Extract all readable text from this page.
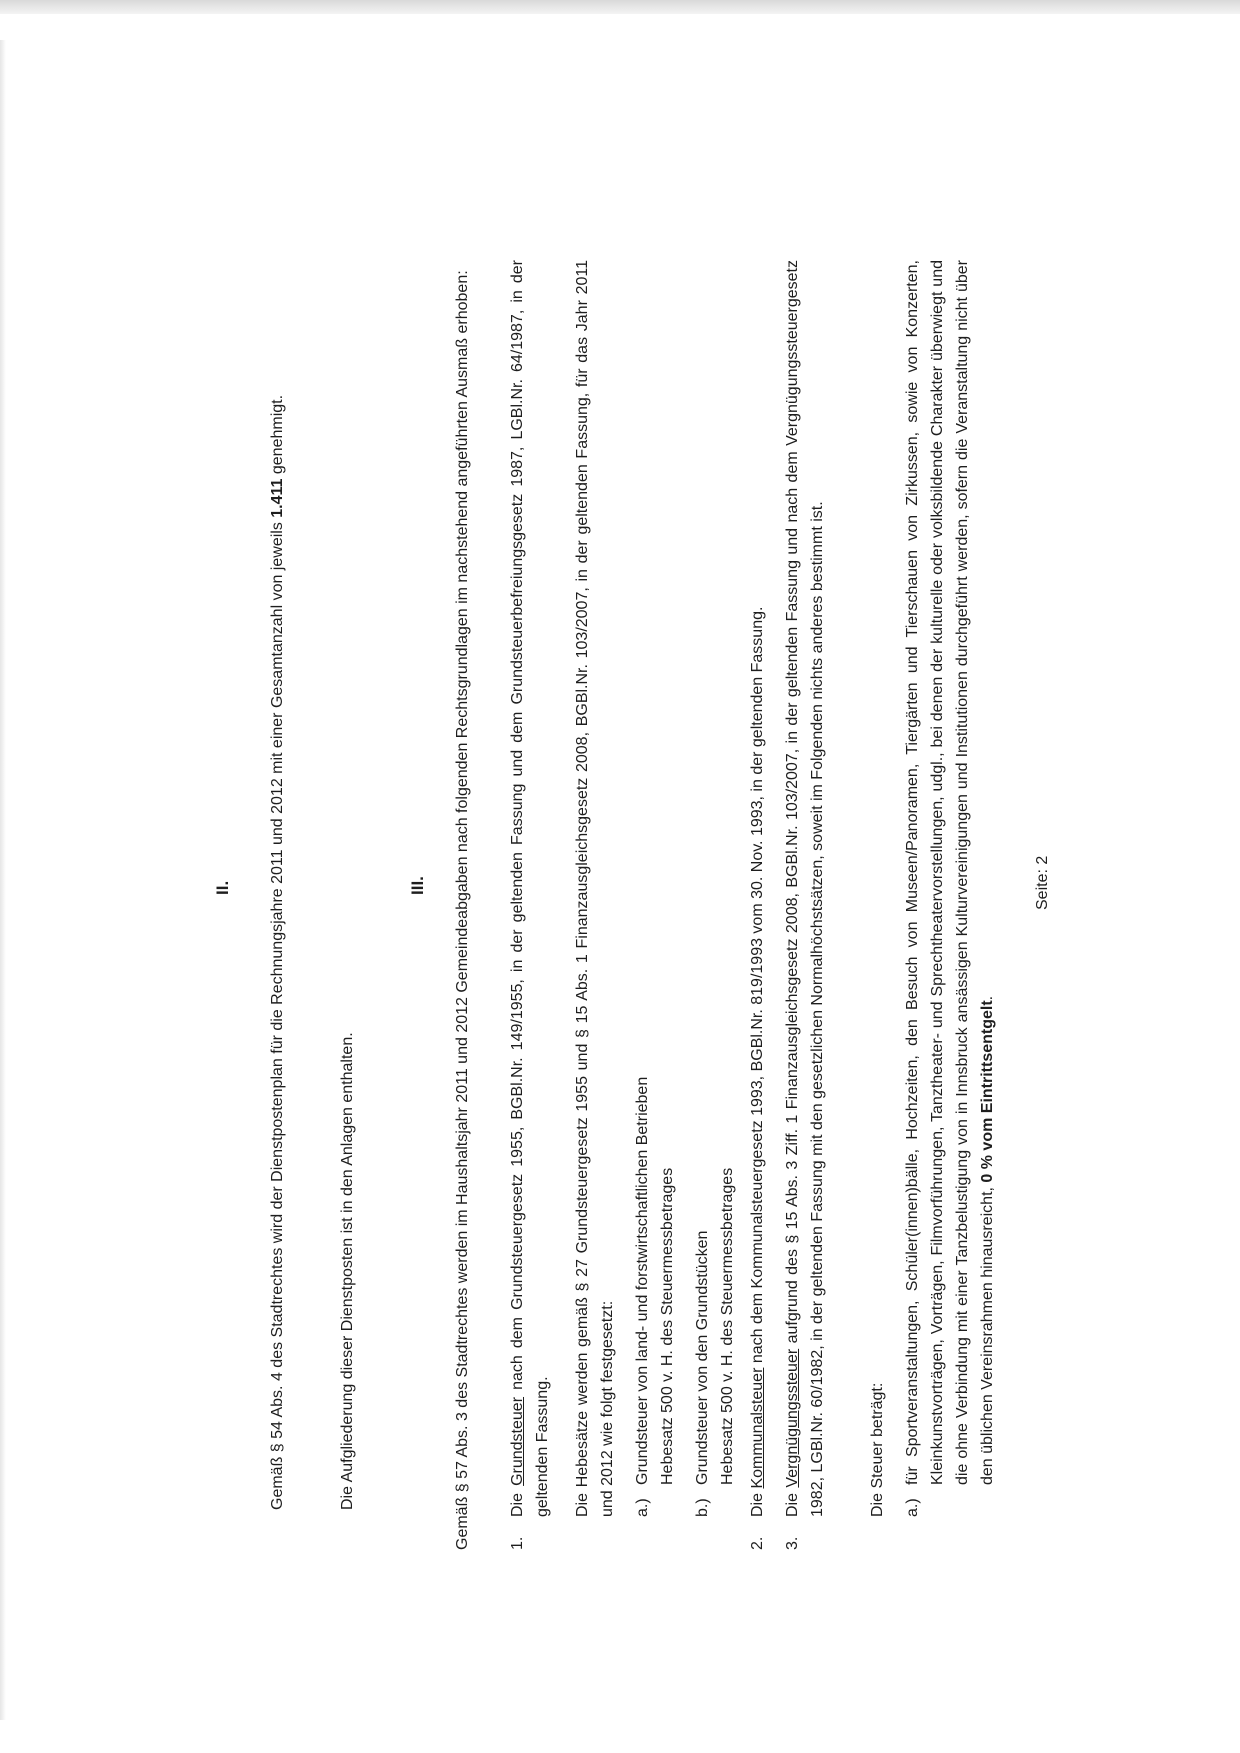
II. Gemäß § 54 Abs. 4 des Stadtrechtes wird der Dienstpostenplan für die Rechnungsjahre 2011 und 2012 mit einer Gesamtanzahl von jeweils 1.411 genehmigt.
Die Aufgliederung dieser Dienstposten ist in den Anlagen enthalten.
III. Gemäß § 57 Abs. 3 des Stadtrechtes werden im Haushaltsjahr 2011 und 2012 Gemeindeabgaben nach folgenden Rechtsgrundlagen im nachstehend angeführten Ausmaß erhoben: 1.
Die Grundsteuer nach dem Grundsteuergesetz 1955, BGBl.Nr. 149/1955, in der geltenden Fassung und dem Grundsteuerbefreiungsgesetz 1987, LGBl.Nr. 64/1987, in der geltenden Fassung. Die Hebesätze werden gemäß § 27 Grundsteuergesetz 1955 und § 15 Abs. 1 Finanzausgleichsgesetz 2008, BGBl.Nr. 103/2007, in der geltenden Fassung, für das Jahr 2011 und 2012 wie folgt festgesetzt: a.)
Grundsteuer von land- und forstwirtschaftlichen Betrieben Hebesatz 500 v. H. des Steuermessbetrages
b.)
Grundsteuer von den Grundstücken Hebesatz 500 v. H. des Steuermessbetrages
2.
Die Kommunalsteuer nach dem Kommunalsteuergesetz 1993, BGBl.Nr. 819/1993 vom 30. Nov. 1993, in der geltenden Fassung.
3.
Die Vergnügungssteuer aufgrund des § 15 Abs. 3 Ziff. 1 Finanzausgleichsgesetz 2008, BGBl.Nr. 103/2007, in der geltenden Fassung und nach dem Vergnügungssteuergesetz 1982, LGBl.Nr. 60/1982, in der geltenden Fassung mit den gesetzlichen Normalhöchstsätzen, soweit im Folgenden nichts anderes bestimmt ist.	Die Steuer beträgt: a.)
für Sportveranstaltungen, Schüler(innen)bälle, Hochzeiten, den Besuch von Museen/Panoramen, Tiergärten und Tierschauen von Zirkussen, sowie von Konzerten, Kleinkunstvorträgen, Vorträgen, Filmvorführungen, Tanztheater- und Sprechtheatervorstellungen, udgl., bei denen der kulturelle oder volksbildende Charakter überwiegt und die ohne Verbindung mit einer Tanzbelustigung von in Innsbruck ansässigen Kulturvereinigungen und Institutionen durchgeführt werden, sofern die Veranstaltung nicht über den üblichen Vereinsrahmen hinausreicht, 0 % vom Eintrittsentgelt.
Seite: 2
